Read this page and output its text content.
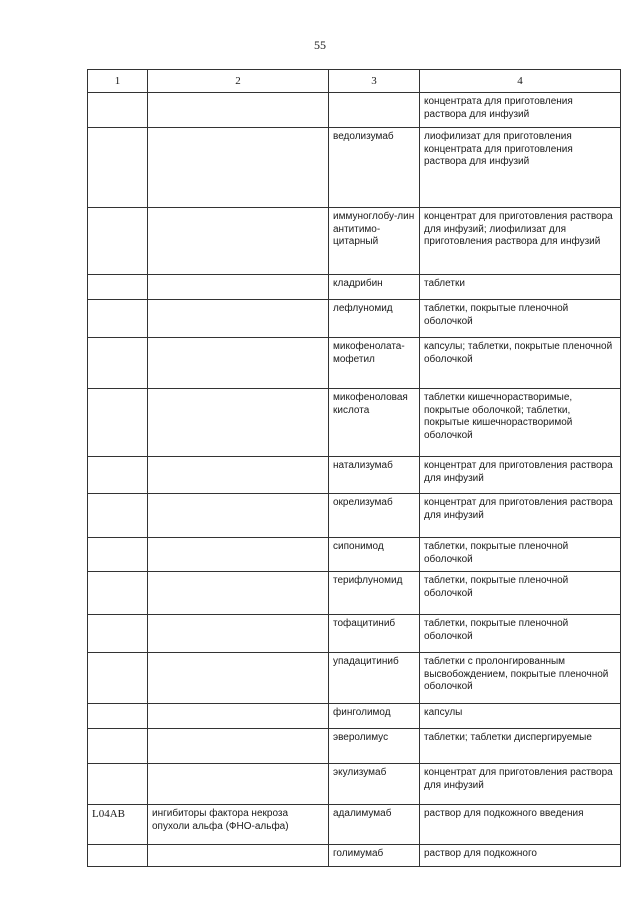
55
1	2	3	4
			концентрата для приготовления раствора для инфузий
		ведолизумаб	лиофилизат для приготовления концентрата для приготовления раствора для инфузий
		иммуноглобу-лин антитимо-цитарный	концентрат для приготовления раствора для инфузий; лиофилизат для приготовления раствора для инфузий
		кладрибин	таблетки
		лефлуномид	таблетки, покрытые пленочной оболочкой
		микофенолата-мофетил	капсулы; таблетки, покрытые пленочной оболочкой
		микофеноловая кислота	таблетки кишечнорастворимые, покрытые оболочкой; таблетки, покрытые кишечнорастворимой оболочкой
		натализумаб	концентрат для приготовления раствора для инфузий
		окрелизумаб	концентрат для приготовления раствора для инфузий
		сипонимод	таблетки, покрытые пленочной оболочкой
		терифлуномид	таблетки, покрытые пленочной оболочкой
		тофацитиниб	таблетки, покрытые пленочной оболочкой
		упадацитиниб	таблетки с пролонгированным высвобождением, покрытые пленочной оболочкой
		финголимод	капсулы
		эверолимус	таблетки; таблетки диспергируемые
		экулизумаб	концентрат для приготовления раствора для инфузий
L04AB	ингибиторы фактора некроза опухоли альфа (ФНО-альфа)	адалимумаб	раствор для подкожного введения
		голимумаб	раствор для подкожного
